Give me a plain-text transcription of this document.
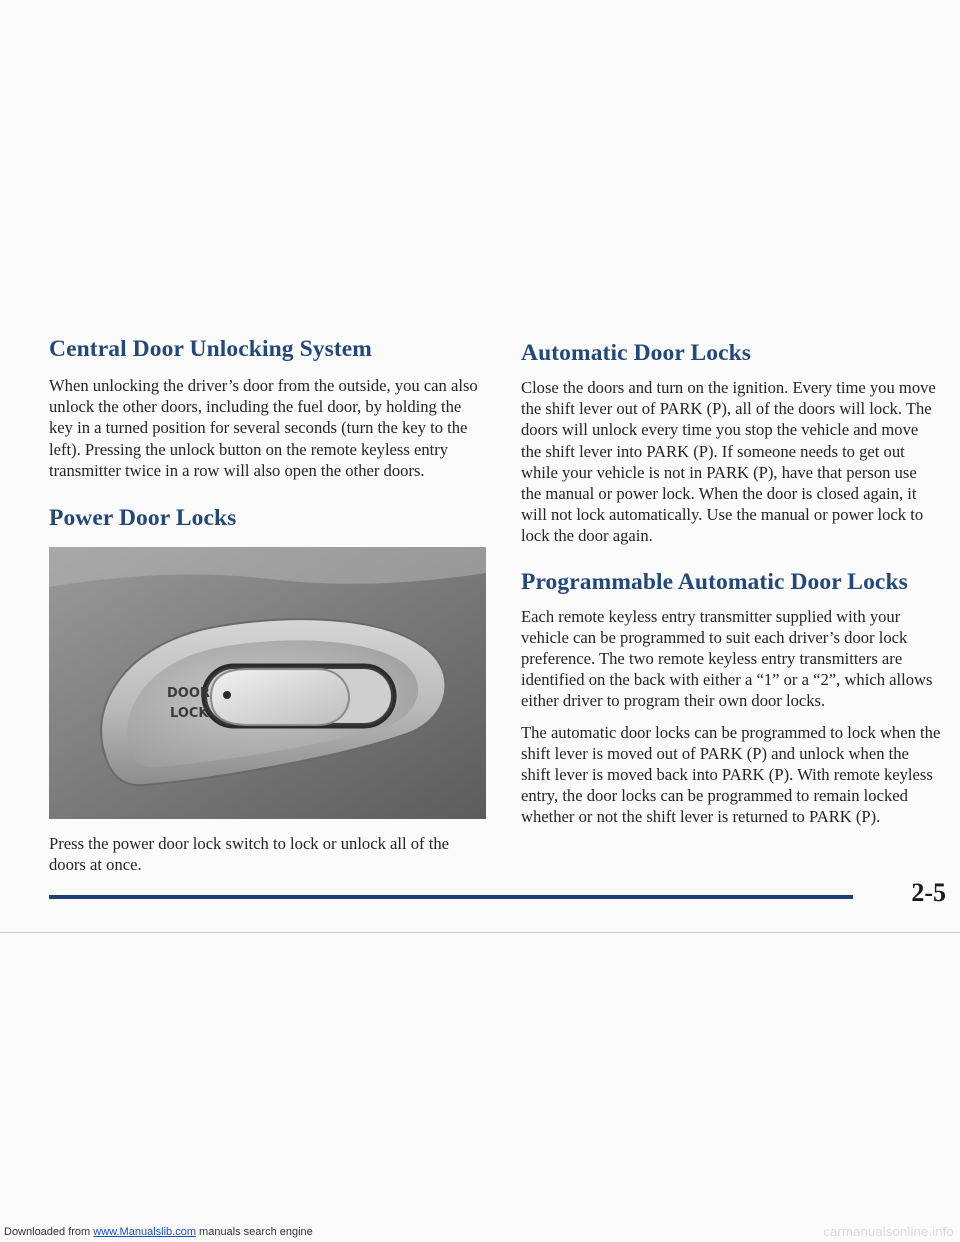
Central Door Unlocking System

When unlocking the driver’s door from the outside, you can also unlock the other doors, including the fuel door, by holding the key in a turned position for several seconds (turn the key to the left). Pressing the unlock button on the remote keyless entry transmitter twice in a row will also open the other doors.

Power Door Locks
DOOR
LOCK

Press the power door lock switch to lock or unlock all of the doors at once.

Automatic Door Locks

Close the doors and turn on the ignition. Every time you move the shift lever out of PARK (P), all of the doors will lock. The doors will unlock every time you stop the vehicle and move the shift lever into PARK (P). If someone needs to get out while your vehicle is not in PARK (P), have that person use the manual or power lock. When the door is closed again, it will not lock automatically. Use the manual or power lock to lock the door again.

Programmable Automatic Door Locks

Each remote keyless entry transmitter supplied with your vehicle can be programmed to suit each driver’s door lock preference. The two remote keyless entry transmitters are identified on the back with either a “1” or a “2”, which allows either driver to program their own door locks.

The automatic door locks can be programmed to lock when the shift lever is moved out of PARK (P) and unlock when the shift lever is moved back into PARK (P). With remote keyless entry, the door locks can be programmed to remain locked whether or not the shift lever is returned to PARK (P).

2-5
Downloaded from www.Manualslib.com manuals search engine	carmanualsonline.info
